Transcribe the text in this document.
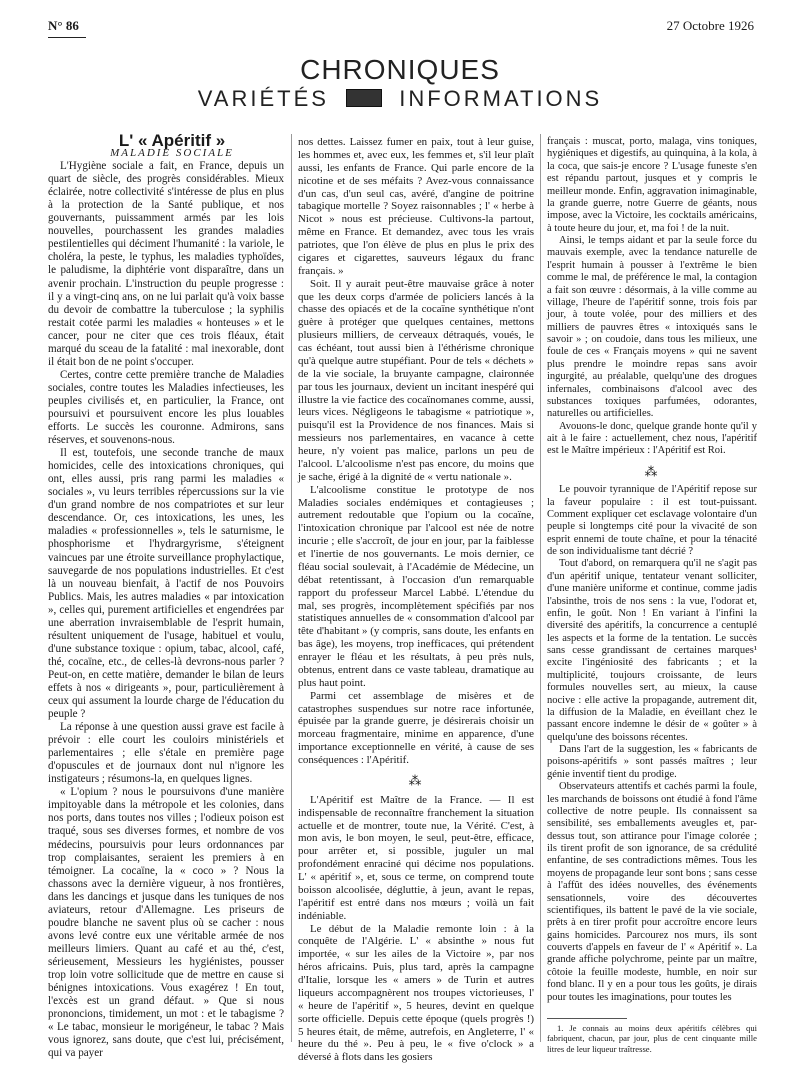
N° 86	27 Octobre 1926
CHRONIQUES
VARIÉTÉS	INFORMATIONS

L' « Apéritif »

MALADIE SOCIALE

L'Hygiène sociale a fait, en France, depuis un quart de siècle, des progrès considérables. Mieux éclairée, notre collectivité s'intéresse de plus en plus à la protection de la Santé publique, et nos gouvernants, puissamment armés par les lois nouvelles, pourchassent les grandes maladies pestilentielles qui déciment l'humanité : la variole, le choléra, la peste, le typhus, les maladies typhoïdes, le paludisme, la diphtérie vont disparaître, dans un avenir prochain. L'instruction du peuple progresse : il y a vingt-cinq ans, on ne lui parlait qu'à voix basse du devoir de combattre la tuberculose ; la syphilis restait cotée parmi les maladies « honteuses » et le cancer, pour ne citer que ces trois fléaux, était marqué du sceau de la fatalité : mal inexorable, dont il était bon de ne point s'occuper.

Certes, contre cette première tranche de Maladies sociales, contre toutes les Maladies infectieuses, les peuples civilisés et, en particulier, la France, ont poursuivi et poursuivent encore les plus louables efforts. Le succès les couronne. Admirons, sans réserves, et souvenons-nous.

Il est, toutefois, une seconde tranche de maux homicides, celle des intoxications chroniques, qui ont, elles aussi, pris rang parmi les maladies « sociales », vu leurs terribles répercussions sur la vie d'un grand nombre de nos compatriotes et sur leur descendance. Or, ces intoxications, les unes, les maladies « professionnelles », tels le saturnisme, le phosphorisme et l'hydrargyrisme, s'éteignent vaincues par une étroite surveillance prophylactique, sauvegarde de nos populations industrielles. Et c'est là un nouveau bienfait, à l'actif de nos Pouvoirs Publics. Mais, les autres maladies « par intoxication », celles qui, purement artificielles et engendrées par une aberration invraisemblable de l'esprit humain, résultent uniquement de l'usage, habituel et voulu, d'une substance toxique : opium, tabac, alcool, café, thé, cocaïne, etc., de celles-là devrons-nous parler ? Peut-on, en cette matière, demander le bilan de leurs effets à nos « dirigeants », pour, particulièrement à ceux qui assument la lourde charge de l'éducation du peuple ?

La réponse à une question aussi grave est facile à prévoir : elle court les couloirs ministériels et parlementaires ; elle s'étale en première page d'opuscules et de journaux dont nul n'ignore les instigateurs ; résumons-la, en quelques lignes.

« L'opium ? nous le poursuivons d'une manière impitoyable dans la métropole et les colonies, dans nos ports, dans toutes nos villes ; l'odieux poison est traqué, sous ses diverses formes, et nombre de vos médecins, poursuivis pour leurs ordonnances par trop complaisantes, seraient les premiers à en témoigner. La cocaïne, la « coco » ? Nous la chassons avec la dernière vigueur, à nos frontières, dans les dancings et jusque dans les tuniques de nos aviateurs, retour d'Allemagne. Les priseurs de poudre blanche ne savent plus où se cacher : nous avons levé contre eux une véritable armée de nos meilleurs limiers. Quant au café et au thé, c'est, sérieusement, Messieurs les hygiénistes, pousser trop loin votre sollicitude que de mettre en cause si bénignes intoxications. Vous exagérez ! En tout, l'excès est un grand défaut. » Que si nous prononcions, timidement, un mot : et le tabagisme ? « Le tabac, monsieur le morigéneur, le tabac ? Mais vous ignorez, sans doute, que c'est lui, précisément, qui va payer

nos dettes. Laissez fumer en paix, tout à leur guise, les hommes et, avec eux, les femmes et, s'il leur plaît aussi, les enfants de France. Qui parle encore de la nicotine et de ses méfaits ? Avez-vous connaissance d'un cas, d'un seul cas, avéré, d'angine de poitrine tabagique mortelle ? Soyez raisonnables ; l' « herbe à Nicot » nous est précieuse. Cultivons-la partout, même en France. Et demandez, avec tous les vrais patriotes, que l'on élève de plus en plus le prix des cigares et cigarettes, sauveurs légaux du franc français. »

Soit. Il y aurait peut-être mauvaise grâce à noter que les deux corps d'armée de policiers lancés à la chasse des opiacés et de la cocaïne synthétique n'ont guère à protéger que quelques centaines, mettons plusieurs milliers, de cerveaux détraqués, voués, le cas échéant, tout aussi bien à l'éthérisme chronique qu'à quelque autre stupéfiant. Pour de tels « déchets » de la vie sociale, la bruyante campagne, claironnée par tous les journaux, devient un incitant inespéré qui illustre la vie factice des cocaïnomanes comme, aussi, leurs vices. Négligeons le tabagisme « patriotique », puisqu'il est la Providence de nos finances. Mais si messieurs nos parlementaires, en vacance à cette heure, n'y voient pas malice, parlons un peu de l'alcool. L'alcoolisme n'est pas encore, du moins que je sache, érigé à la dignité de « vertu nationale ».

L'alcoolisme constitue le prototype de nos Maladies sociales endémiques et contagieuses ; autrement redoutable que l'opium ou la cocaïne, l'intoxication chronique par l'alcool est née de notre incurie ; elle s'accroît, de jour en jour, par la faiblesse et l'inertie de nos gouvernants. Le mois dernier, ce fléau social soulevait, à l'Académie de Médecine, un débat retentissant, à l'occasion d'un remarquable rapport du professeur Marcel Labbé. L'étendue du mal, ses progrès, incomplètement spécifiés par nos statistiques annuelles de « consommation d'alcool par tête d'habitant » (y compris, sans doute, les enfants en bas âge), les moyens, trop inefficaces, qui prétendent enrayer le fléau et les résultats, à peu près nuls, obtenus, entrent dans ce vaste tableau, dramatique au plus haut point.

Parmi cet assemblage de misères et de catastrophes suspendues sur notre race infortunée, épuisée par la grande guerre, je désirerais choisir un morceau fragmentaire, minime en apparence, d'une importance exceptionnelle en vérité, à cause de ses conséquences : l'Apéritif.

⁂

L'Apéritif est Maître de la France. — Il est indispensable de reconnaître franchement la situation actuelle et de montrer, toute nue, la Vérité. C'est, à mon avis, le bon moyen, le seul, peut-être, efficace, pour arrêter et, si possible, juguler un mal profondément enraciné qui décime nos populations. L' « apéritif », et, sous ce terme, on comprend toute boisson alcoolisée, dégluttie, à jeun, avant le repas, l'apéritif est entré dans nos mœurs ; voilà un fait indéniable.

Le début de la Maladie remonte loin : à la conquête de l'Algérie. L' « absinthe » nous fut importée, « sur les ailes de la Victoire », par nos héros africains. Puis, plus tard, après la campagne d'Italie, lorsque les « amers » de Turin et autres liqueurs accompagnèrent nos troupes victorieuses, l' « heure de l'apéritif », 5 heures, devint en quelque sorte officielle. Depuis cette époque (quels progrès !) 5 heures était, de même, autrefois, en Angleterre, l' « heure du thé ». Peu à peu, le « five o'clock » a déversé à flots dans les gosiers

français : muscat, porto, malaga, vins toniques, hygiéniques et digestifs, au quinquina, à la kola, à la coca, que sais-je encore ? L'usage funeste s'en est répandu partout, jusques et y compris le meilleur monde. Enfin, aggravation inimaginable, la grande guerre, notre Guerre de géants, nous impose, avec la Victoire, les cocktails américains, à toute heure du jour, et, ma foi ! de la nuit.

Ainsi, le temps aidant et par la seule force du mauvais exemple, avec la tendance naturelle de l'esprit humain à pousser à l'extrême le bien comme le mal, de préférence le mal, la contagion a fait son œuvre : désormais, à la ville comme au village, l'heure de l'apéritif sonne, trois fois par jour, à toute volée, pour des milliers et des milliers de pauvres êtres « intoxiqués sans le savoir » ; on coudoie, dans tous les milieux, une foule de ces « Français moyens » qui ne savent plus prendre le moindre repas sans avoir ingurgité, au préalable, quelqu'une des drogues infernales, combinaisons d'alcool avec des substances toxiques parfumées, odorantes, naturelles ou artificielles.

Avouons-le donc, quelque grande honte qu'il y ait à le faire : actuellement, chez nous, l'apéritif est le Maître impérieux : l'Apéritif est Roi.

⁂

Le pouvoir tyrannique de l'Apéritif repose sur la faveur populaire : il est tout-puissant. Comment expliquer cet esclavage volontaire d'un peuple si longtemps cité pour la vivacité de son esprit ennemi de toute chaîne, et pour la ténacité de son individualisme tant décrié ?

Tout d'abord, on remarquera qu'il ne s'agit pas d'un apéritif unique, tentateur venant solliciter, d'une manière uniforme et continue, comme jadis l'absinthe, trois de nos sens : la vue, l'odorat et, enfin, le goût. Non ! En variant à l'infini la diversité des apéritifs, la concurrence a centuplé les aspects et la forme de la tentation. Le succès sans cesse grandissant de certaines marques¹ excite l'ingéniosité des fabricants ; et la multiplicité, toujours croissante, de leurs formules nouvelles sert, au mieux, la cause nocive : elle active la propagande, autrement dit, la diffusion de la Maladie, en éveillant chez le passant encore indemne le désir de « goûter » à quelqu'une des boissons récentes.

Dans l'art de la suggestion, les « fabricants de poisons-apéritifs » sont passés maîtres ; leur génie inventif tient du prodige.

Observateurs attentifs et cachés parmi la foule, les marchands de boissons ont étudié à fond l'âme collective de notre peuple. Ils connaissent sa sensibilité, ses emballements aveugles et, par-dessus tout, son attirance pour l'image colorée ; ils tirent profit de son ignorance, de sa crédulité enfantine, de ses contradictions mêmes. Tous les moyens de propagande leur sont bons ; sans cesse à l'affût des idées nouvelles, des événements sensationnels, voire des découvertes scientifiques, ils battent le pavé de la vie sociale, prêts à en tirer profit pour accroître encore leurs gains homicides. Parcourez nos murs, ils sont couverts d'appels en faveur de l' « Apéritif ». La grande affiche polychrome, peinte par un maître, côtoie la feuille modeste, humble, en noir sur fond blanc. Il y en a pour tous les goûts, je dirais pour toutes les imaginations, pour toutes les

1. Je connais au moins deux apéritifs célèbres qui fabriquent, chacun, par jour, plus de cent cinquante mille litres de leur liqueur traîtresse.
